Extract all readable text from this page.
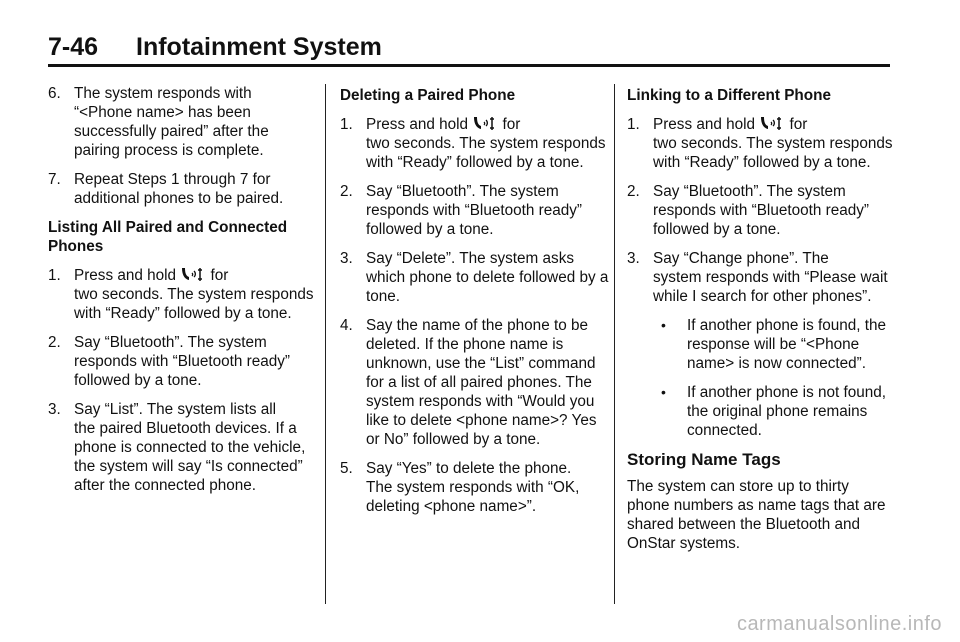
7-46 Infotainment System
6. The system responds with
“<Phone name> has been successfully paired” after the pairing process is complete.
7. Repeat Steps 1 through 7 for
additional phones to be paired.
Listing All Paired and Connected Phones
1. Press and hold for
two seconds. The system responds with “Ready” followed by a tone.
2. Say “Bluetooth”. The system
responds with “Bluetooth ready” followed by a tone.
3. Say “List”. The system lists all
the paired Bluetooth devices. If a phone is connected to the vehicle, the system will say “Is connected” after the connected phone.
Deleting a Paired Phone
1. Press and hold for
two seconds. The system responds with “Ready” followed by a tone.
2. Say “Bluetooth”. The system
responds with “Bluetooth ready” followed by a tone.
3. Say “Delete”. The system asks
which phone to delete followed by a tone.
4. Say the name of the phone to be
deleted. If the phone name is unknown, use the “List” command for a list of all paired phones. The system responds with “Would you like to delete <phone name>? Yes or No” followed by a tone.
5. Say “Yes” to delete the phone.
The system responds with “OK, deleting <phone name>”.
Linking to a Different Phone
1. Press and hold for
two seconds. The system responds with “Ready” followed by a tone.
2. Say “Bluetooth”. The system
responds with “Bluetooth ready” followed by a tone.
3. Say “Change phone”. The
system responds with “Please wait while I search for other phones”.
• If another phone is found, the response will be “<Phone name> is now connected”.
• If another phone is not found, the original phone remains connected.
Storing Name Tags

The system can store up to thirty phone numbers as name tags that are shared between the Bluetooth and OnStar systems.

carmanualsonline.info
